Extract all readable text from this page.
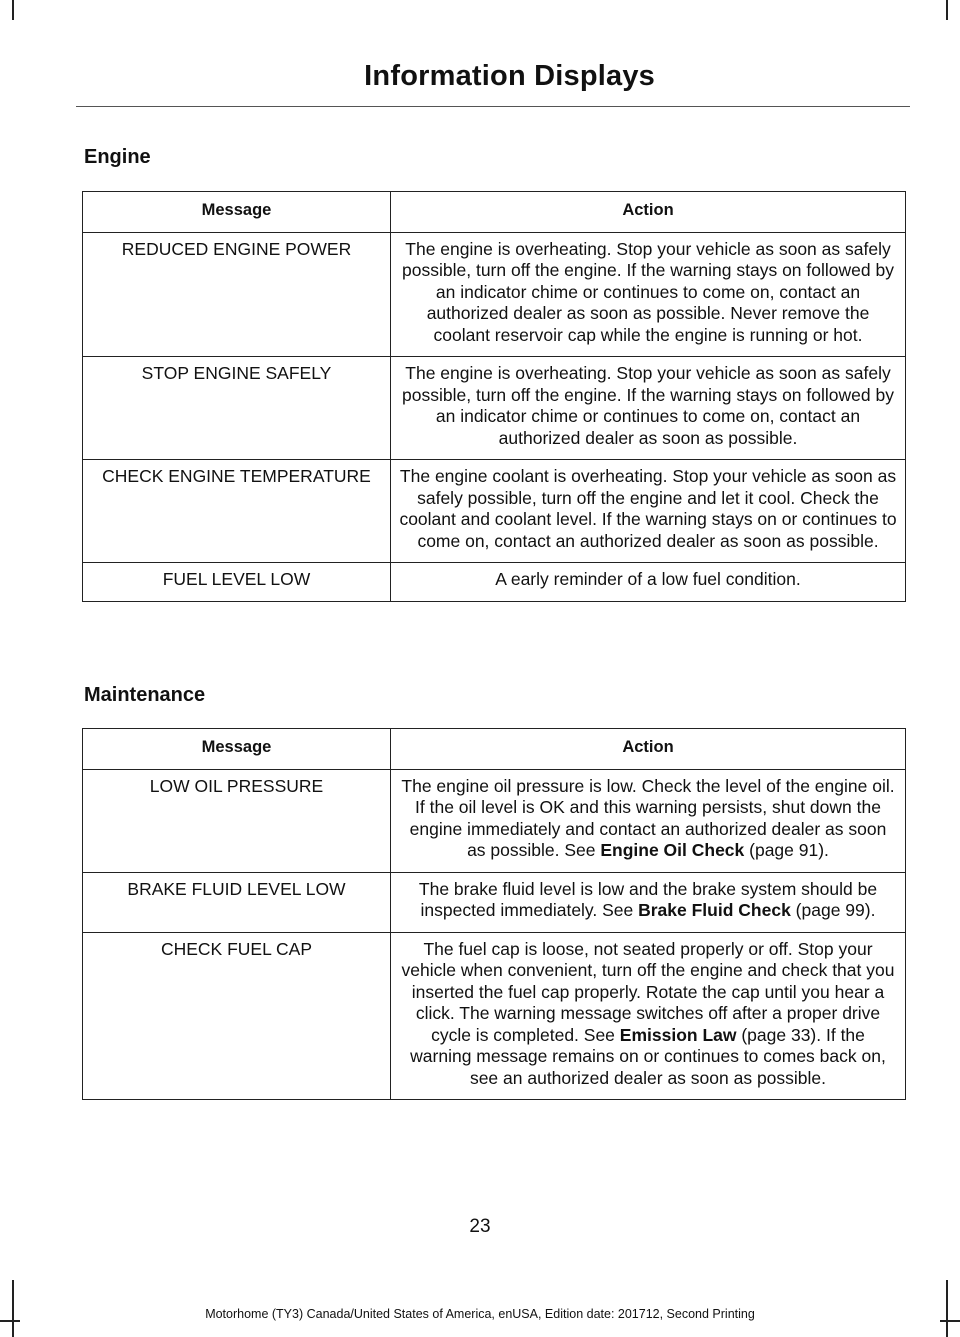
Information Displays
Engine
Message	Action
REDUCED ENGINE POWER	The engine is overheating. Stop your vehicle as soon as safely possible, turn off the engine. If the warning stays on followed by an indicator chime or continues to come on, contact an authorized dealer as soon as possible. Never remove the coolant reservoir cap while the engine is running or hot.
STOP ENGINE SAFELY	The engine is overheating. Stop your vehicle as soon as safely possible, turn off the engine. If the warning stays on followed by an indicator chime or continues to come on, contact an authorized dealer as soon as possible.
CHECK ENGINE TEMPERATURE	The engine coolant is overheating. Stop your vehicle as soon as safely possible, turn off the engine and let it cool. Check the coolant and coolant level. If the warning stays on or continues to come on, contact an authorized dealer as soon as possible.
FUEL LEVEL LOW	A early reminder of a low fuel condition.
Maintenance
Message	Action
LOW OIL PRESSURE	The engine oil pressure is low. Check the level of the engine oil. If the oil level is OK and this warning persists, shut down the engine immediately and contact an authorized dealer as soon as possible. See Engine Oil Check (page 91).
BRAKE FLUID LEVEL LOW	The brake fluid level is low and the brake system should be inspected immediately. See Brake Fluid Check (page 99).
CHECK FUEL CAP	The fuel cap is loose, not seated properly or off. Stop your vehicle when convenient, turn off the engine and check that you inserted the fuel cap properly. Rotate the cap until you hear a click. The warning message switches off after a proper drive cycle is completed. See Emission Law (page 33). If the warning message remains on or continues to comes back on, see an authorized dealer as soon as possible.
23
Motorhome (TY3) Canada/United States of America, enUSA, Edition date: 201712, Second Printing
